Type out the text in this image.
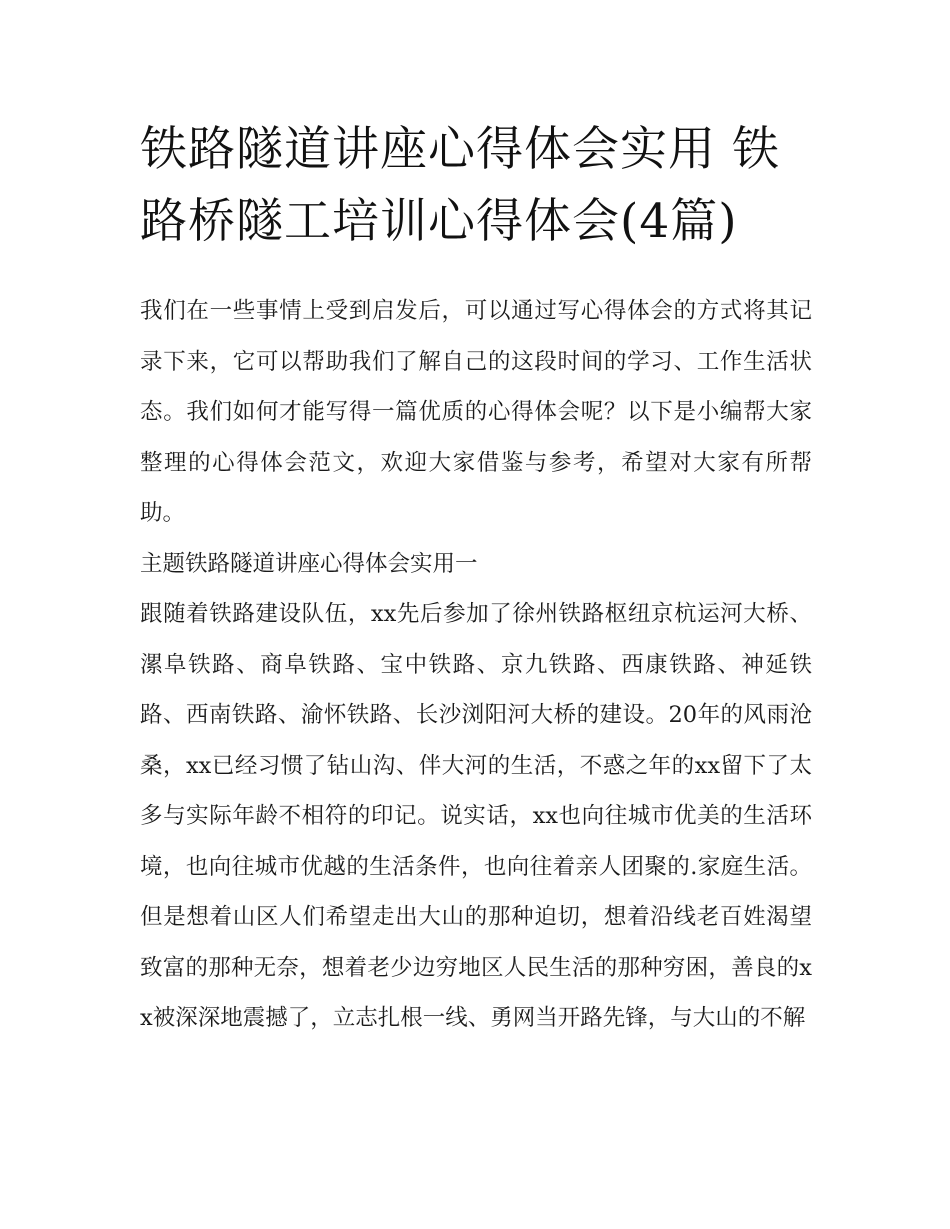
铁路隧道讲座心得体会实用 铁路桥隧工培训心得体会(4篇)

我们在一些事情上受到启发后，可以通过写心得体会的方式将其记录下来，它可以帮助我们了解自己的这段时间的学习、工作生活状态。我们如何才能写得一篇优质的心得体会呢？以下是小编帮大家整理的心得体会范文，欢迎大家借鉴与参考，希望对大家有所帮助。

主题铁路隧道讲座心得体会实用一

跟随着铁路建设队伍，xx先后参加了徐州铁路枢纽京杭运河大桥、漯阜铁路、商阜铁路、宝中铁路、京九铁路、西康铁路、神延铁路、西南铁路、渝怀铁路、长沙浏阳河大桥的建设。20年的风雨沧桑，xx已经习惯了钻山沟、伴大河的生活，不惑之年的xx留下了太多与实际年龄不相符的印记。说实话，xx也向往城市优美的生活环境，也向往城市优越的生活条件，也向往着亲人团聚的.家庭生活。但是想着山区人们希望走出大山的那种迫切，想着沿线老百姓渴望致富的那种无奈，想着老少边穷地区人民生活的那种穷困，善良的xx被深深地震撼了，立志扎根一线、勇网当开路先锋，与大山的不解
